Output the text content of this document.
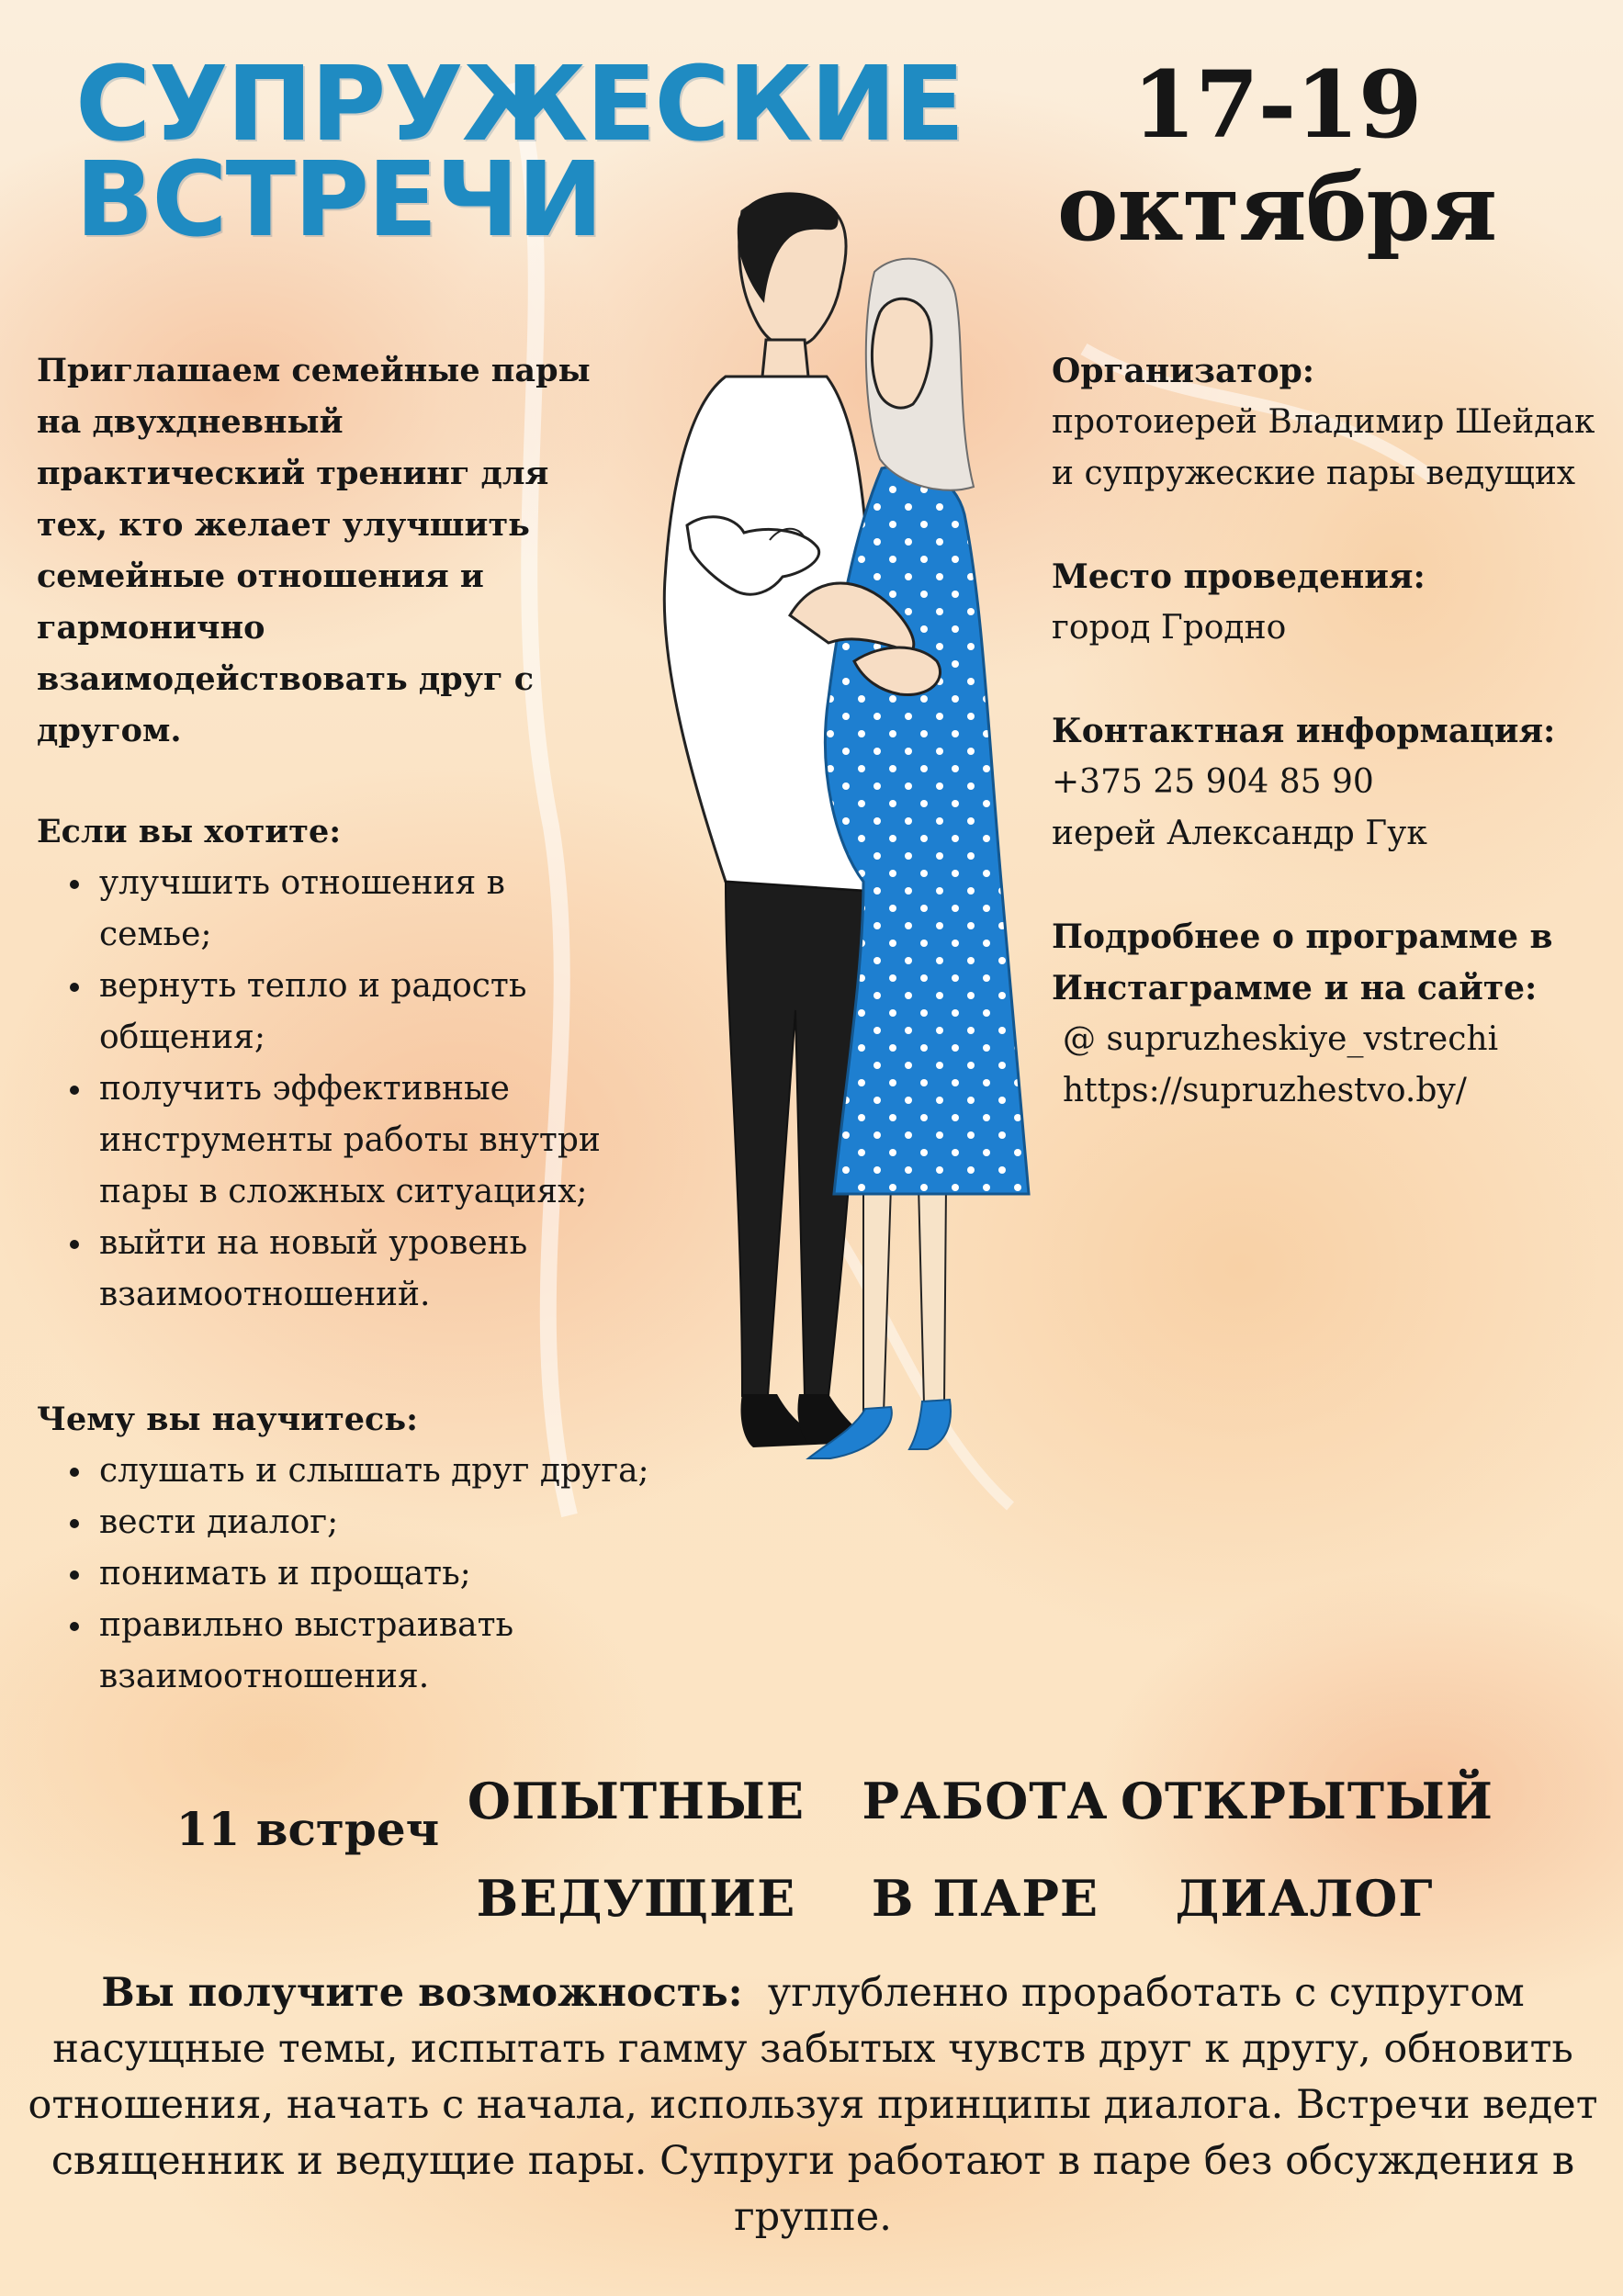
СУПРУЖЕСКИЕ
ВСТРЕЧИ
17-19
октября

Приглашаем семейные пары на двухдневный практический тренинг для тех, кто желает улучшить семейные отношения и гармонично взаимодействовать друг с другом.

Если вы хотите:

улучшить отношения в семье;
вернуть тепло и радость общения;
получить эффективные инструменты работы внутри пары в сложных ситуациях;
выйти на новый уровень взаимоотношений.

Чему вы научитесь:

слушать и слышать друг друга;
вести диалог;
понимать и прощать;
правильно выстраивать взаимоотношения.
Организатор:
протоиерей Владимир Шейдак
и супружеские пары ведущих
Место проведения:
город Гродно
Контактная информация:
+375 25 904 85 90
иерей Александр Гук
Подробнее о программе в Инстаграмме и на сайте:
@ supruzheskiye_vstrechi
https://supruzhestvo.by/
11 встреч ОПЫТНЫЕ
ВЕДУЩИЕ
РАБОТА
В ПАРЕ
ОТКРЫТЫЙ
ДИАЛОГ

Вы получите возможность: углубленно проработать с супругом насущные темы, испытать гамму забытых чувств друг к другу, обновить отношения, начать с начала, используя принципы диалога. Встречи ведет священник и ведущие пары. Супруги работают в паре без обсуждения в группе.
